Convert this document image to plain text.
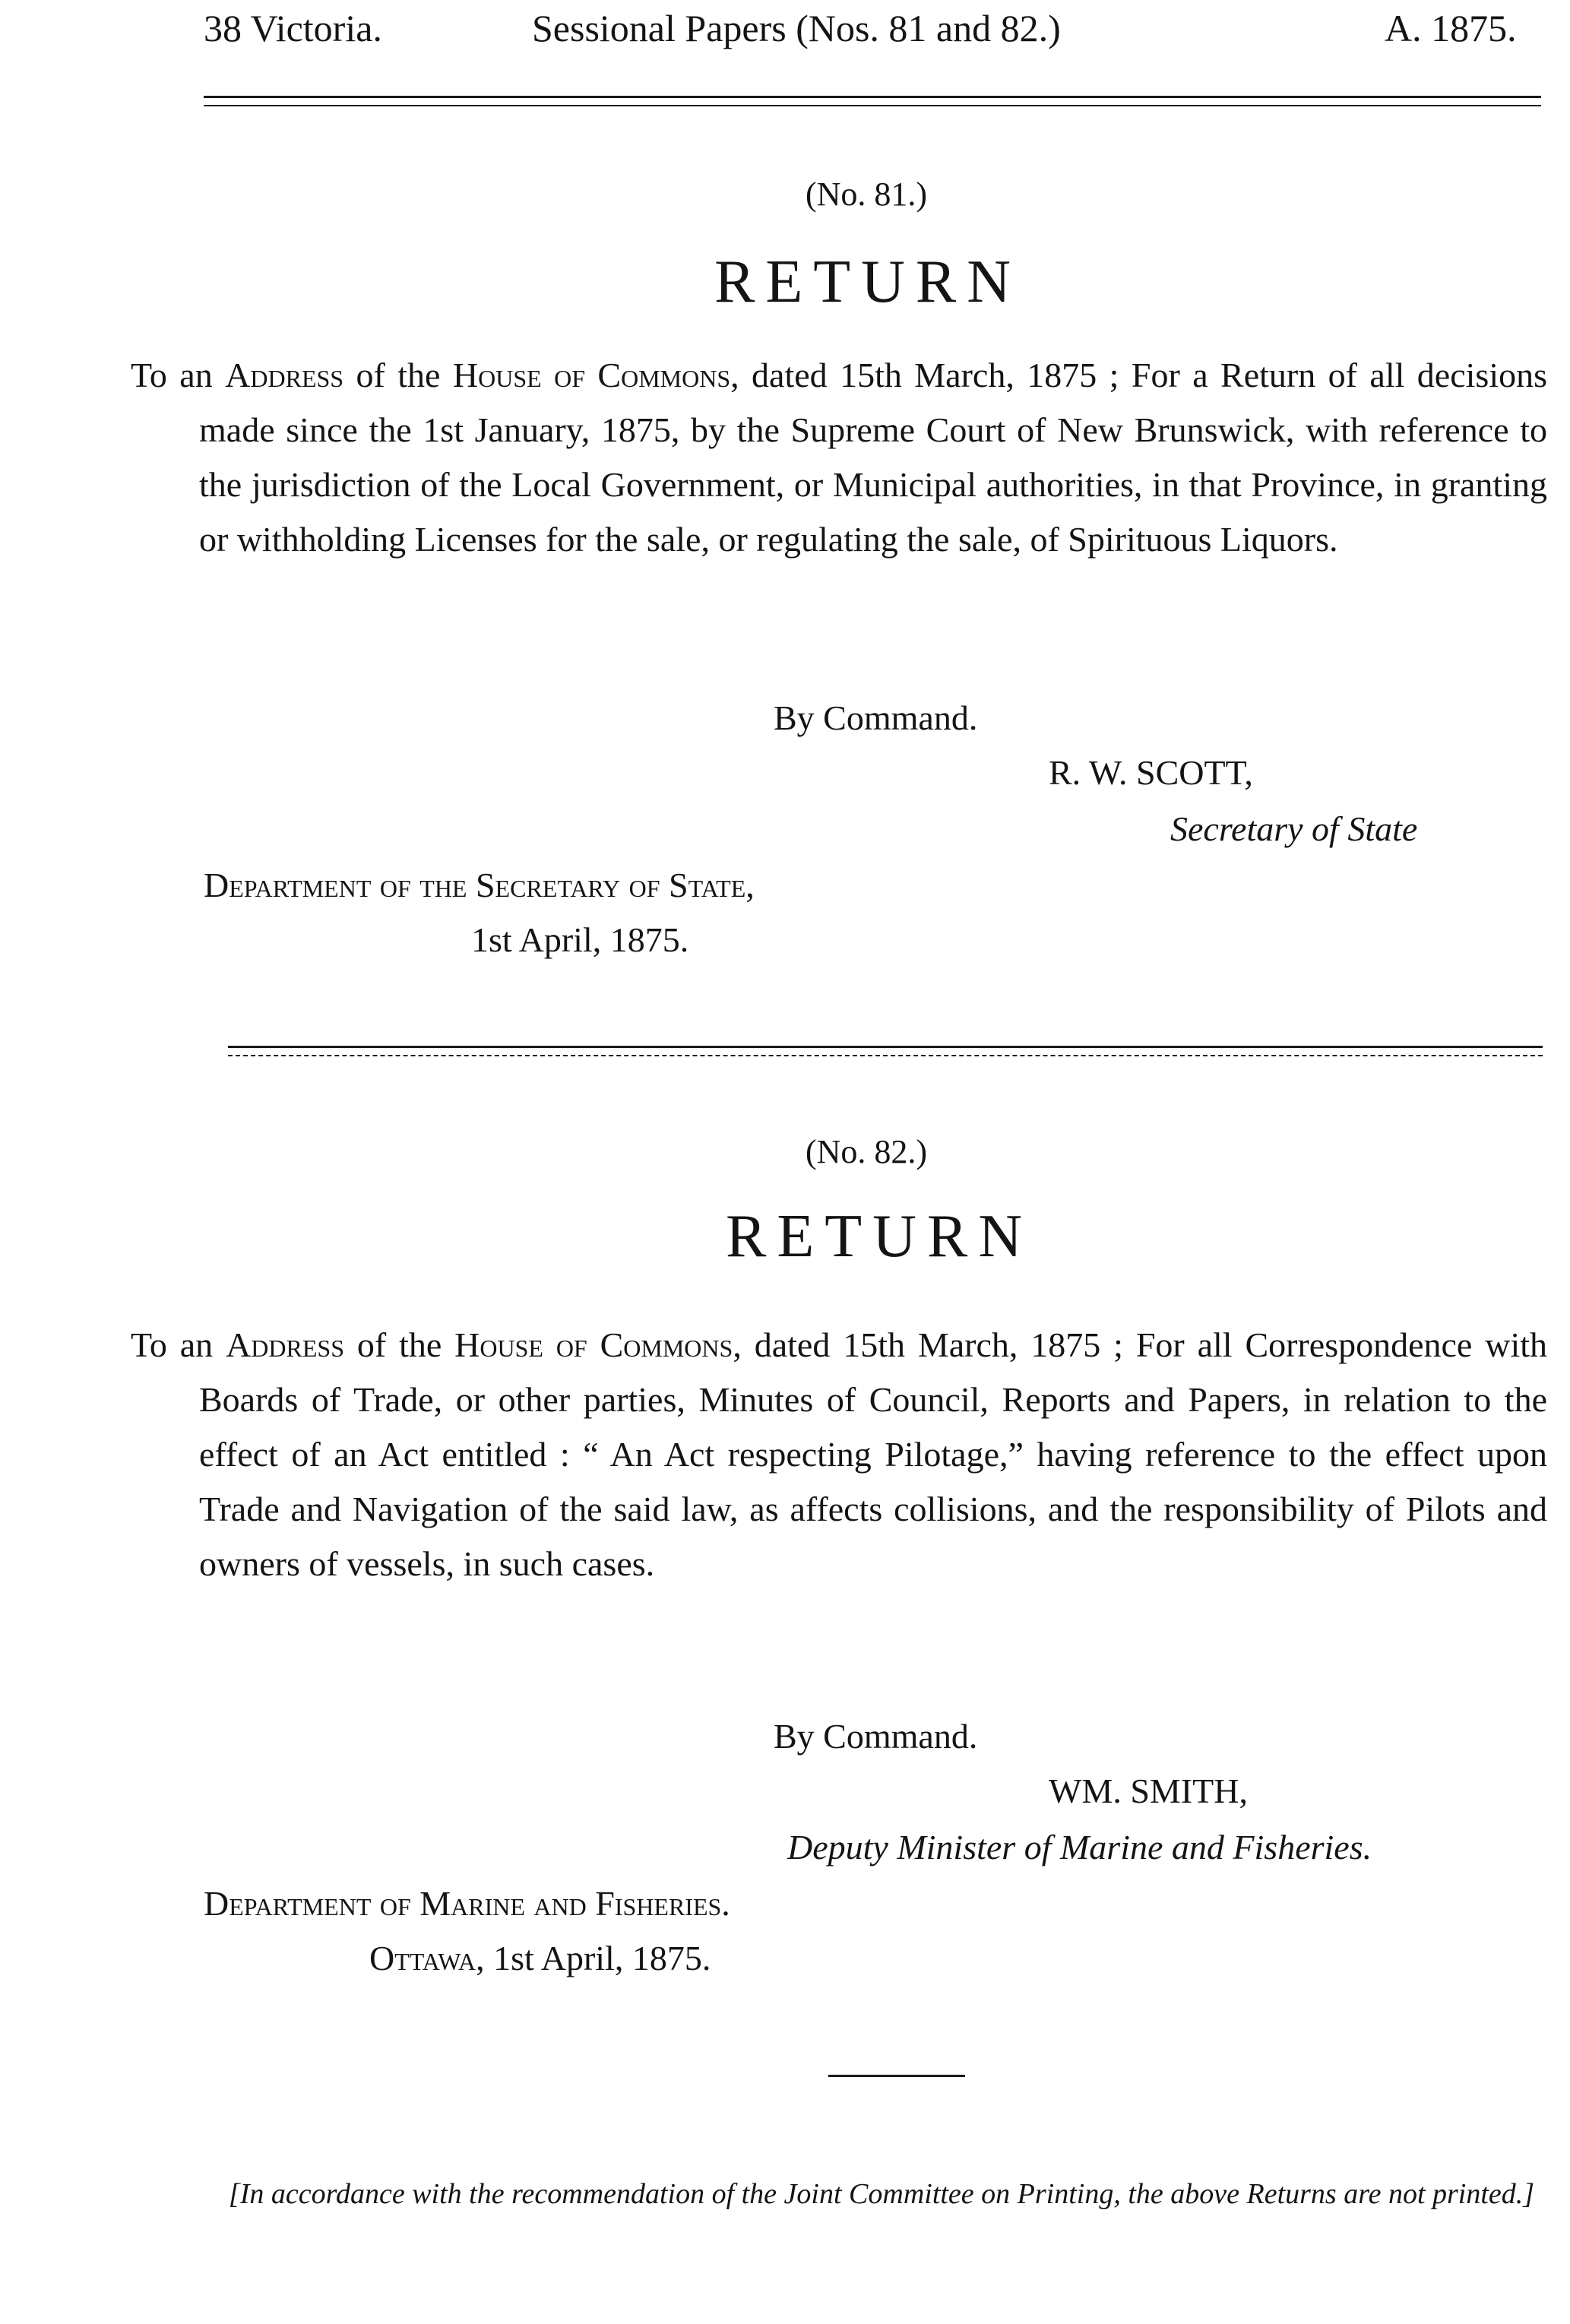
38 Victoria.	Sessional Papers (Nos. 81 and 82.)	A. 1875.
(No. 81.)
RETURN

To an Address of the House of Commons, dated 15th March, 1875 ; For a Return of all decisions made since the 1st January, 1875, by the Supreme Court of New Brunswick, with reference to the jurisdiction of the Local Government, or Municipal authorities, in that Province, in granting or withholding Licenses for the sale, or regulating the sale, of Spirituous Liquors.

By Command.
R. W. SCOTT,
Secretary of State
Department of the Secretary of State,
1st April, 1875.
(No. 82.)
RETURN

To an Address of the House of Commons, dated 15th March, 1875 ; For all Correspondence with Boards of Trade, or other parties, Minutes of Council, Reports and Papers, in relation to the effect of an Act entitled : “ An Act respecting Pilotage,” having reference to the effect upon Trade and Navigation of the said law, as affects collisions, and the responsibility of Pilots and owners of vessels, in such cases.

By Command.
WM. SMITH,
Deputy Minister of Marine and Fisheries.
Department of Marine and Fisheries.
Ottawa, 1st April, 1875.
[In accordance with the recommendation of the Joint Committee on Printing, the above Returns are not printed.]
